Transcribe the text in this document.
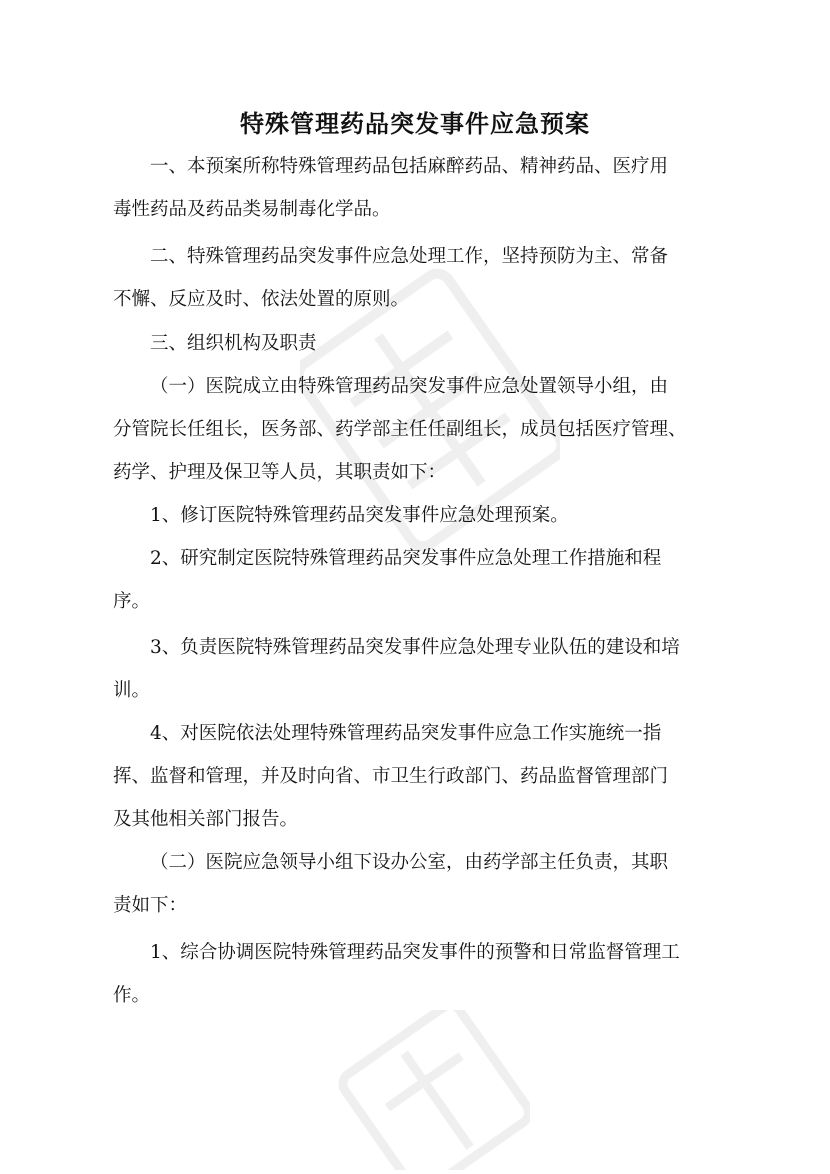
特殊管理药品突发事件应急预案

一、本预案所称特殊管理药品包括麻醉药品、精神药品、医疗用
毒性药品及药品类易制毒化学品。

二、特殊管理药品突发事件应急处理工作，坚持预防为主、常备
不懈、反应及时、依法处置的原则。

三、组织机构及职责

（一）医院成立由特殊管理药品突发事件应急处置领导小组，由
分管院长任组长，医务部、药学部主任任副组长，成员包括医疗管理、
药学、护理及保卫等人员，其职责如下：

1、修订医院特殊管理药品突发事件应急处理预案。

2、研究制定医院特殊管理药品突发事件应急处理工作措施和程
序。

3、负责医院特殊管理药品突发事件应急处理专业队伍的建设和培
训。

4、对医院依法处理特殊管理药品突发事件应急工作实施统一指
挥、监督和管理，并及时向省、市卫生行政部门、药品监督管理部门
及其他相关部门报告。

（二）医院应急领导小组下设办公室，由药学部主任负责，其职
责如下：

1、综合协调医院特殊管理药品突发事件的预警和日常监督管理工
作。
